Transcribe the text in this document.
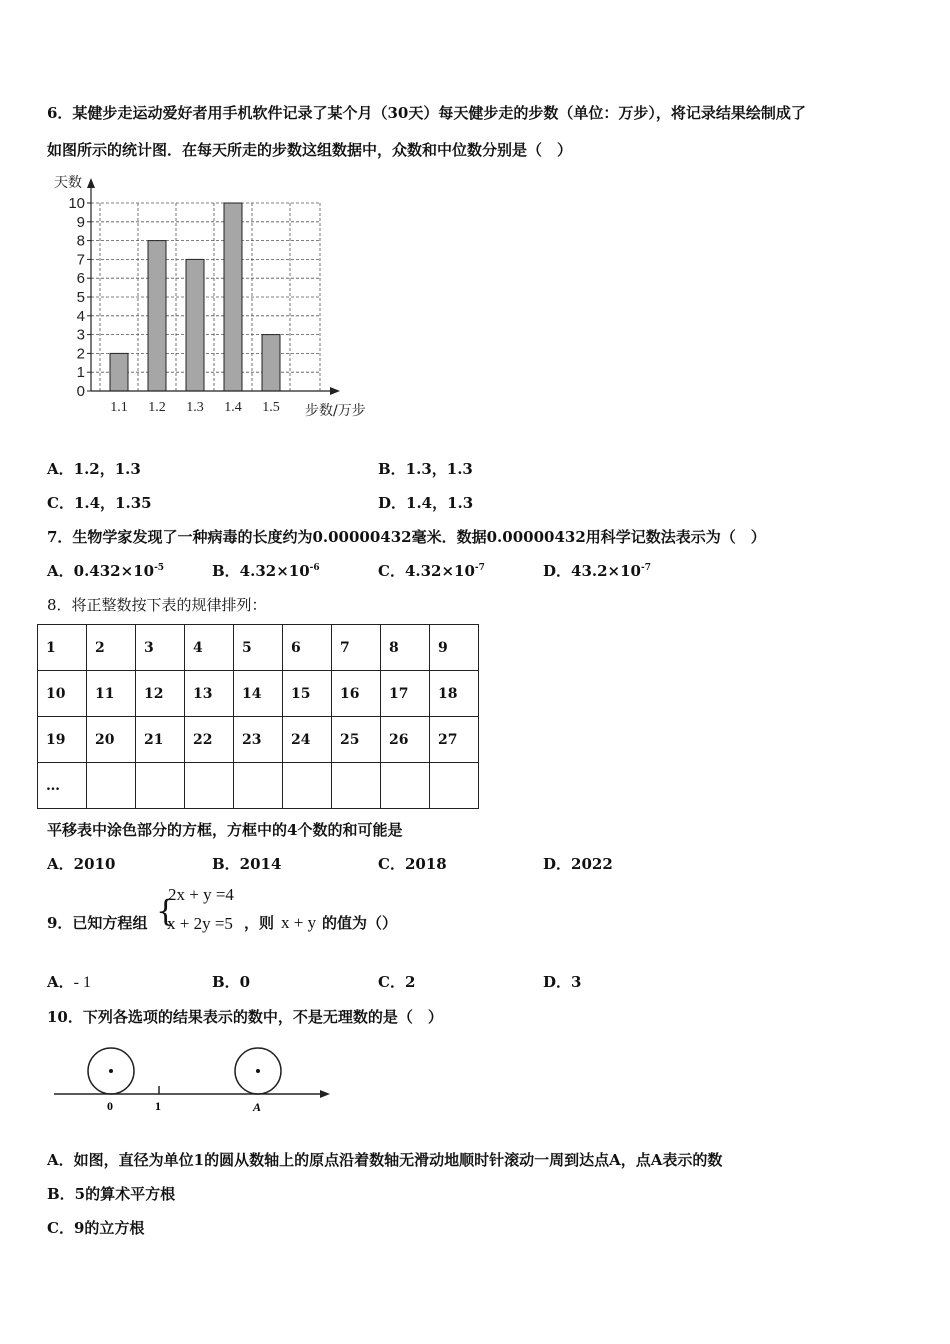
6．某健步走运动爱好者用手机软件记录了某个月（30天）每天健步走的步数（单位：万步），将记录结果绘制成了
如图所示的统计图．在每天所走的步数这组数据中，众数和中位数分别是（　）
0
1
2
3
4
5
6
7
8
9
10
1.1 1.2 1.3 1.4 1.5
天数
步数/万步
A．1.2，1.3	B．1.3，1.3
C．1.4，1.35	D．1.4，1.3
7．生物学家发现了一种病毒的长度约为0.00000432毫米．数据0.00000432用科学记数法表示为（　）
A．$0.432\times 10^{-5}$	B．$4.32\times 10^{-6}$	C．$4.32\times 10^{-7}$	D．$43.2\times 10^{-7}$
8．将正整数按下表的规律排列：
1	2	3	4	5	6	7	8	9
10	11	12	13	14	15	16	17	18
19	20	21	22	23	24	25	26	27
…								
平移表中涂色部分的方框，方框中的4个数的和可能是
A．2010	B．2014	C．2018	D．2022
9．已知方程组 {
2x + y =4
x + 2y =5 ，则 x + y 的值为（）
A．- 1	B．0	C．2	D．3
10．下列各选项的结果表示的数中，不是无理数的是（　）
0	1	A
A．如图，直径为单位1的圆从数轴上的原点沿着数轴无滑动地顺时针滚动一周到达点A，点A表示的数
B．5的算术平方根
C．9的立方根
